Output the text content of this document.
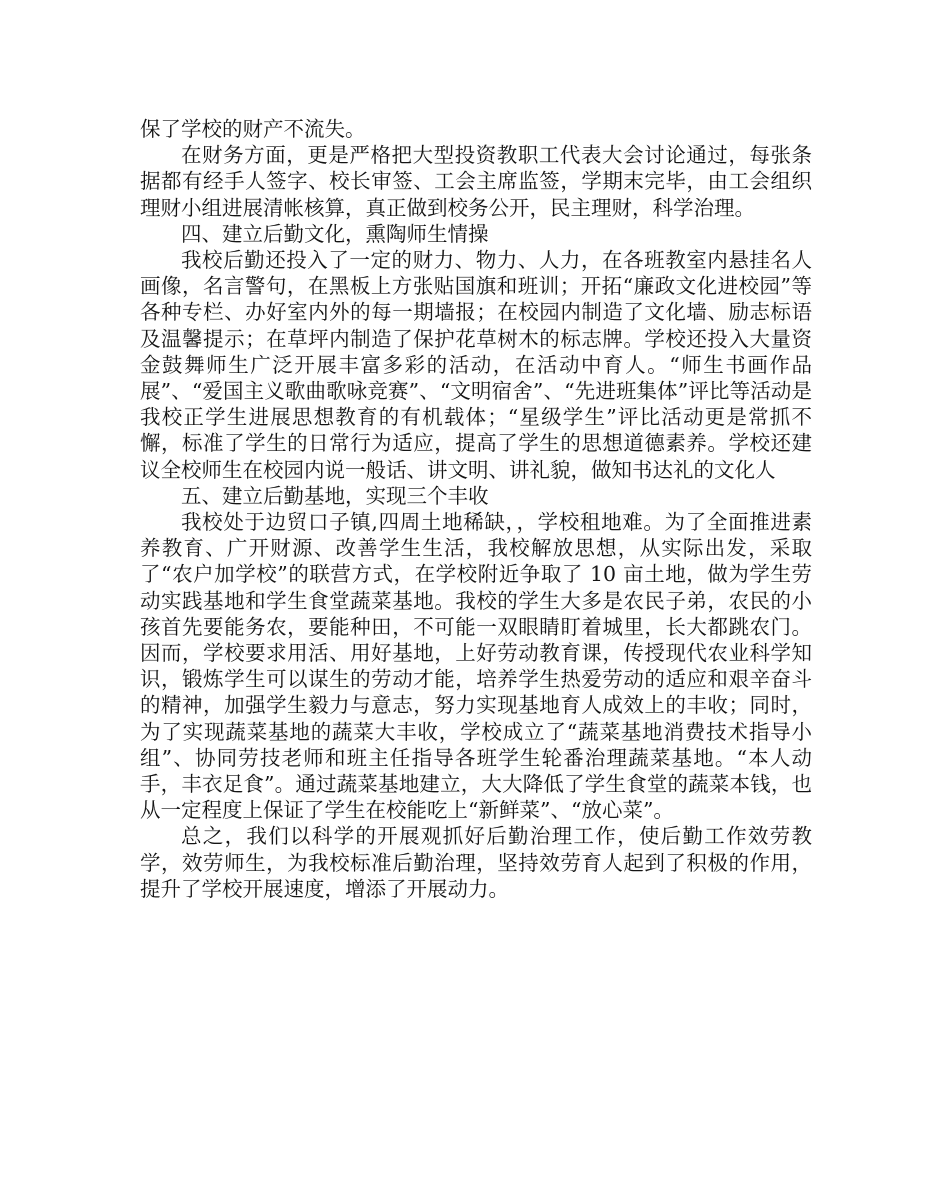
保了学校的财产不流失。

在财务方面，更是严格把大型投资教职工代表大会讨论通过，每张条据都有经手人签字、校长审签、工会主席监签，学期末完毕，由工会组织理财小组进展清帐核算，真正做到校务公开，民主理财，科学治理。

四、建立后勤文化，熏陶师生情操

我校后勤还投入了一定的财力、物力、人力，在各班教室内悬挂名人画像，名言警句，在黑板上方张贴国旗和班训；开拓“廉政文化进校园”等各种专栏、办好室内外的每一期墙报；在校园内制造了文化墙、励志标语及温馨提示；在草坪内制造了保护花草树木的标志牌。学校还投入大量资金鼓舞师生广泛开展丰富多彩的活动，在活动中育人。“师生书画作品展”、“爱国主义歌曲歌咏竞赛”、“文明宿舍”、“先进班集体”评比等活动是我校正学生进展思想教育的有机载体；“星级学生”评比活动更是常抓不懈，标准了学生的日常行为适应，提高了学生的思想道德素养。学校还建议全校师生在校园内说一般话、讲文明、讲礼貌，做知书达礼的文化人

五、建立后勤基地，实现三个丰收

我校处于边贸口子镇,四周土地稀缺，，学校租地难。为了全面推进素养教育、广开财源、改善学生生活，我校解放思想，从实际出发，采取了“农户加学校”的联营方式，在学校附近争取了 10 亩土地，做为学生劳动实践基地和学生食堂蔬菜基地。我校的学生大多是农民子弟，农民的小孩首先要能务农，要能种田，不可能一双眼睛盯着城里，长大都跳农门。因而，学校要求用活、用好基地，上好劳动教育课，传授现代农业科学知识，锻炼学生可以谋生的劳动才能，培养学生热爱劳动的适应和艰辛奋斗的精神，加强学生毅力与意志，努力实现基地育人成效上的丰收；同时，为了实现蔬菜基地的蔬菜大丰收，学校成立了“蔬菜基地消费技术指导小组”、协同劳技老师和班主任指导各班学生轮番治理蔬菜基地。“本人动手，丰衣足食”。通过蔬菜基地建立，大大降低了学生食堂的蔬菜本钱，也从一定程度上保证了学生在校能吃上“新鲜菜”、“放心菜”。

总之，我们以科学的开展观抓好后勤治理工作，使后勤工作效劳教学，效劳师生，为我校标准后勤治理，坚持效劳育人起到了积极的作用，提升了学校开展速度，增添了开展动力。
